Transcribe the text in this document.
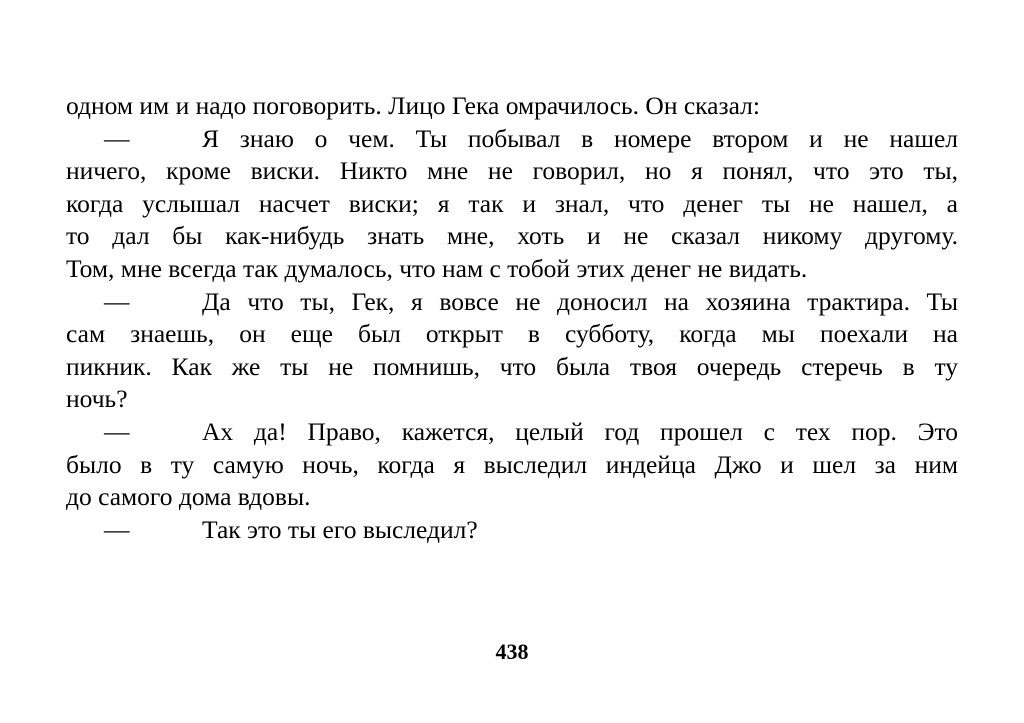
одном им и надо поговорить. Лицо Гека омрачилось. Он сказал:
—	Я знаю о чем. Ты побывал в номере втором и не нашел
ничего, кроме виски. Никто мне не говорил, но я понял, что это ты,
когда услышал насчет виски; я так и знал, что денег ты не нашел, а
то дал бы как-нибудь знать мне, хоть и не сказал никому другому.
Том, мне всегда так думалось, что нам с тобой этих денег не видать.
—	Да что ты, Гек, я вовсе не доносил на хозяина трактира. Ты
сам знаешь, он еще был открыт в субботу, когда мы поехали на
пикник. Как же ты не помнишь, что была твоя очередь стеречь в ту
ночь?
—	Ах да! Право, кажется, целый год прошел с тех пор. Это
было в ту самую ночь, когда я выследил индейца Джо и шел за ним
до самого дома вдовы.
—	Так это ты его выследил?
438
